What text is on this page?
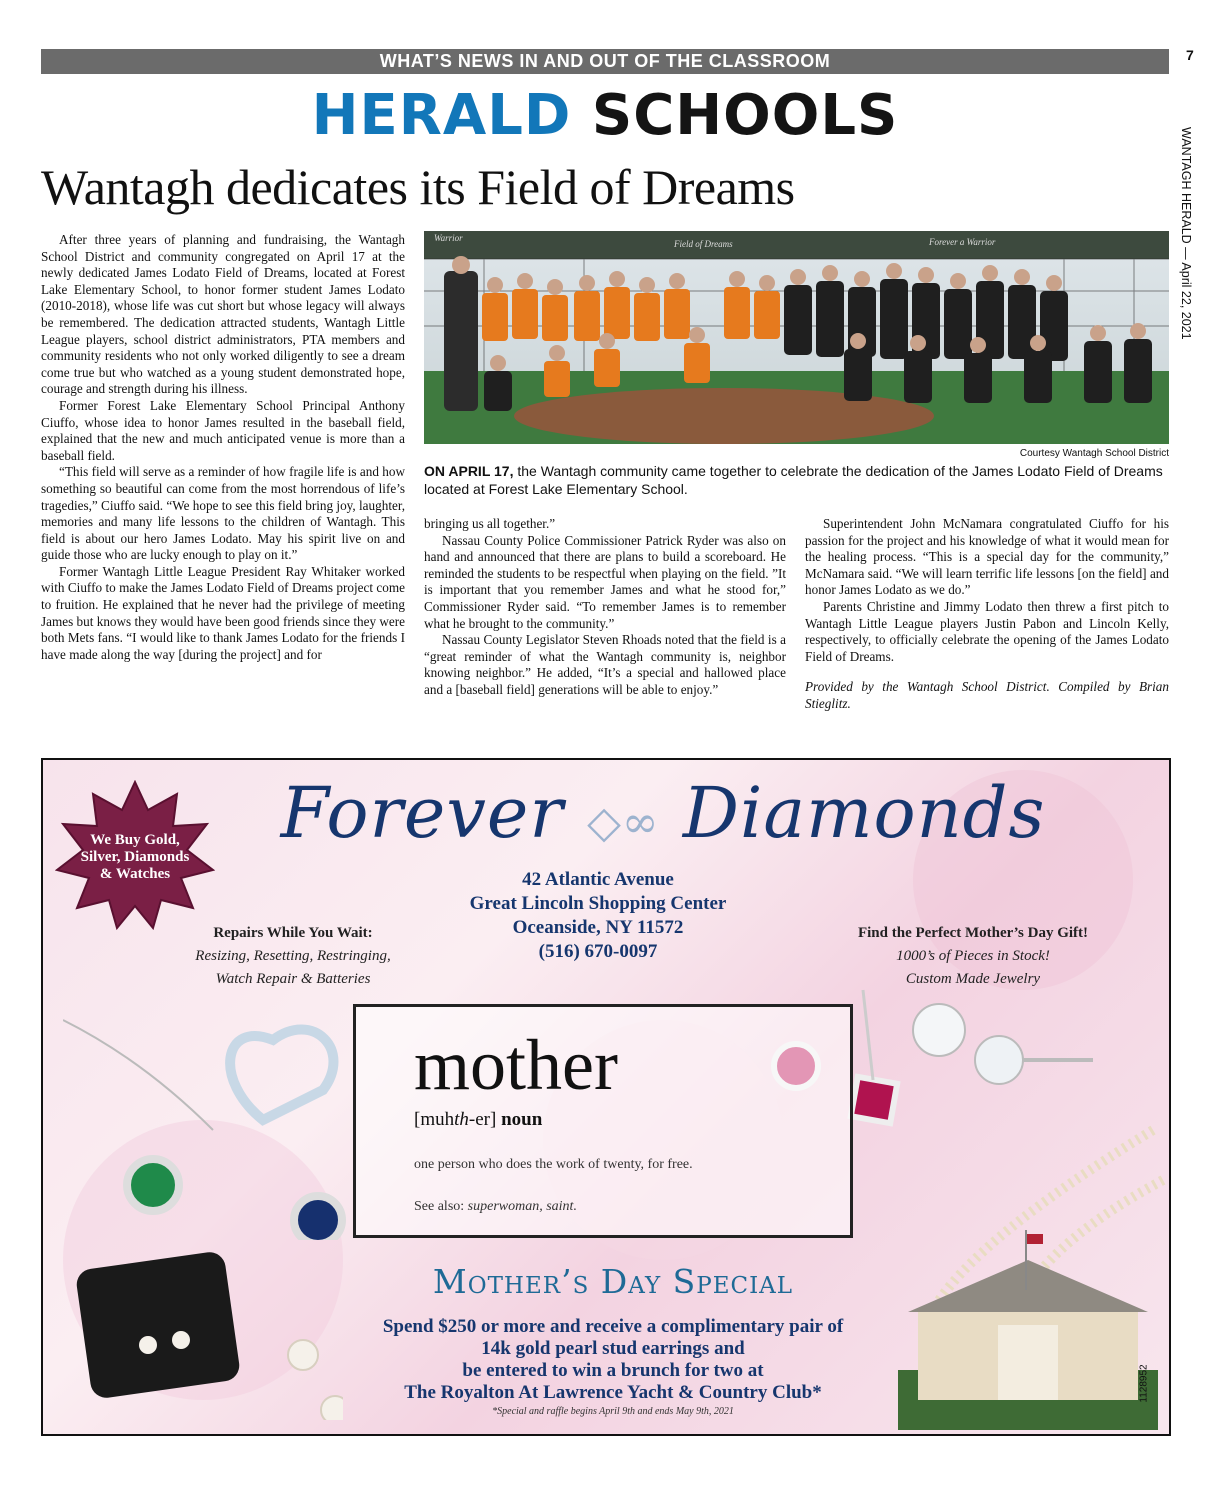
WHAT’S NEWS IN AND OUT OF THE CLASSROOM	7
WANTAGH HERALD — April 22, 2021
HERALD SCHOOLS
Wantagh dedicates its Field of Dreams

After three years of planning and fundraising, the Wantagh School District and community congregated on April 17 at the newly dedicated James Lodato Field of Dreams, located at Forest Lake Elementary School, to honor former student James Lodato (2010-2018), whose life was cut short but whose legacy will always be remembered. The dedication attracted students, Wantagh Little League players, school district administrators, PTA members and community residents who not only worked diligently to see a dream come true but who watched as a young student demonstrated hope, courage and strength during his illness.

Former Forest Lake Elementary School Principal Anthony Ciuffo, whose idea to honor James resulted in the baseball field, explained that the new and much anticipated venue is more than a baseball field.

“This field will serve as a reminder of how fragile life is and how something so beautiful can come from the most horrendous of life’s tragedies,” Ciuffo said. “We hope to see this field bring joy, laughter, memories and many life lessons to the children of Wantagh. This field is about our hero James Lodato. May his spirit live on and guide those who are lucky enough to play on it.”

Former Wantagh Little League President Ray Whitaker worked with Ciuffo to make the James Lodato Field of Dreams project come to fruition. He explained that he never had the privilege of meeting James but knows they would have been good friends since they were both Mets fans. “I would like to thank James Lodato for the friends I have made along the way [during the project] and for

Warrior
Field of Dreams	Forever a Warrior
Courtesy Wantagh School District
ON APRIL 17, the Wantagh community came together to celebrate the dedication of the James Lodato Field of Dreams located at Forest Lake Elementary School.

bringing us all together.”

Nassau County Police Commissioner Patrick Ryder was also on hand and announced that there are plans to build a scoreboard. He reminded the students to be respectful when playing on the field. ”It is important that you remember James and what he stood for,” Commissioner Ryder said. “To remember James is to remember what he brought to the community.”

Nassau County Legislator Steven Rhoads noted that the field is a “great reminder of what the Wantagh community is, neighbor knowing neighbor.” He added, “It’s a special and hallowed place and a [baseball field] generations will be able to enjoy.”

Superintendent John McNamara congratulated Ciuffo for his passion for the project and his knowledge of what it would mean for the healing process. “This is a special day for the community,” McNamara said. “We will learn terrific life lessons [on the field] and honor James Lodato as we do.”

Parents Christine and Jimmy Lodato then threw a first pitch to Wantagh Little League players Justin Pabon and Lincoln Kelly, respectively, to officially celebrate the opening of the James Lodato Field of Dreams.

Provided by the Wantagh School District. Compiled by Brian Stieglitz.

Forever ◇∞ Diamonds
We Buy Gold,
Silver, Diamonds
& Watches	42 Atlantic Avenue
Great Lincoln Shopping Center
Oceanside, NY 11572
(516) 670-0097
Repairs While You Wait:
Resizing, Resetting, Restringing,
Watch Repair & Batteries
Find the Perfect Mother’s Day Gift!
1000’s of Pieces in Stock!
Custom Made Jewelry
mother
[muhth-er] noun
one person who does the work of twenty, for free.
See also: superwoman, saint.
Mother’s Day Special
Spend $250 or more and receive a complimentary pair of
14k gold pearl stud earrings and
be entered to win a brunch for two at
The Royalton At Lawrence Yacht & Country Club*
*Special and raffle begins April 9th and ends May 9th, 2021
1128952
